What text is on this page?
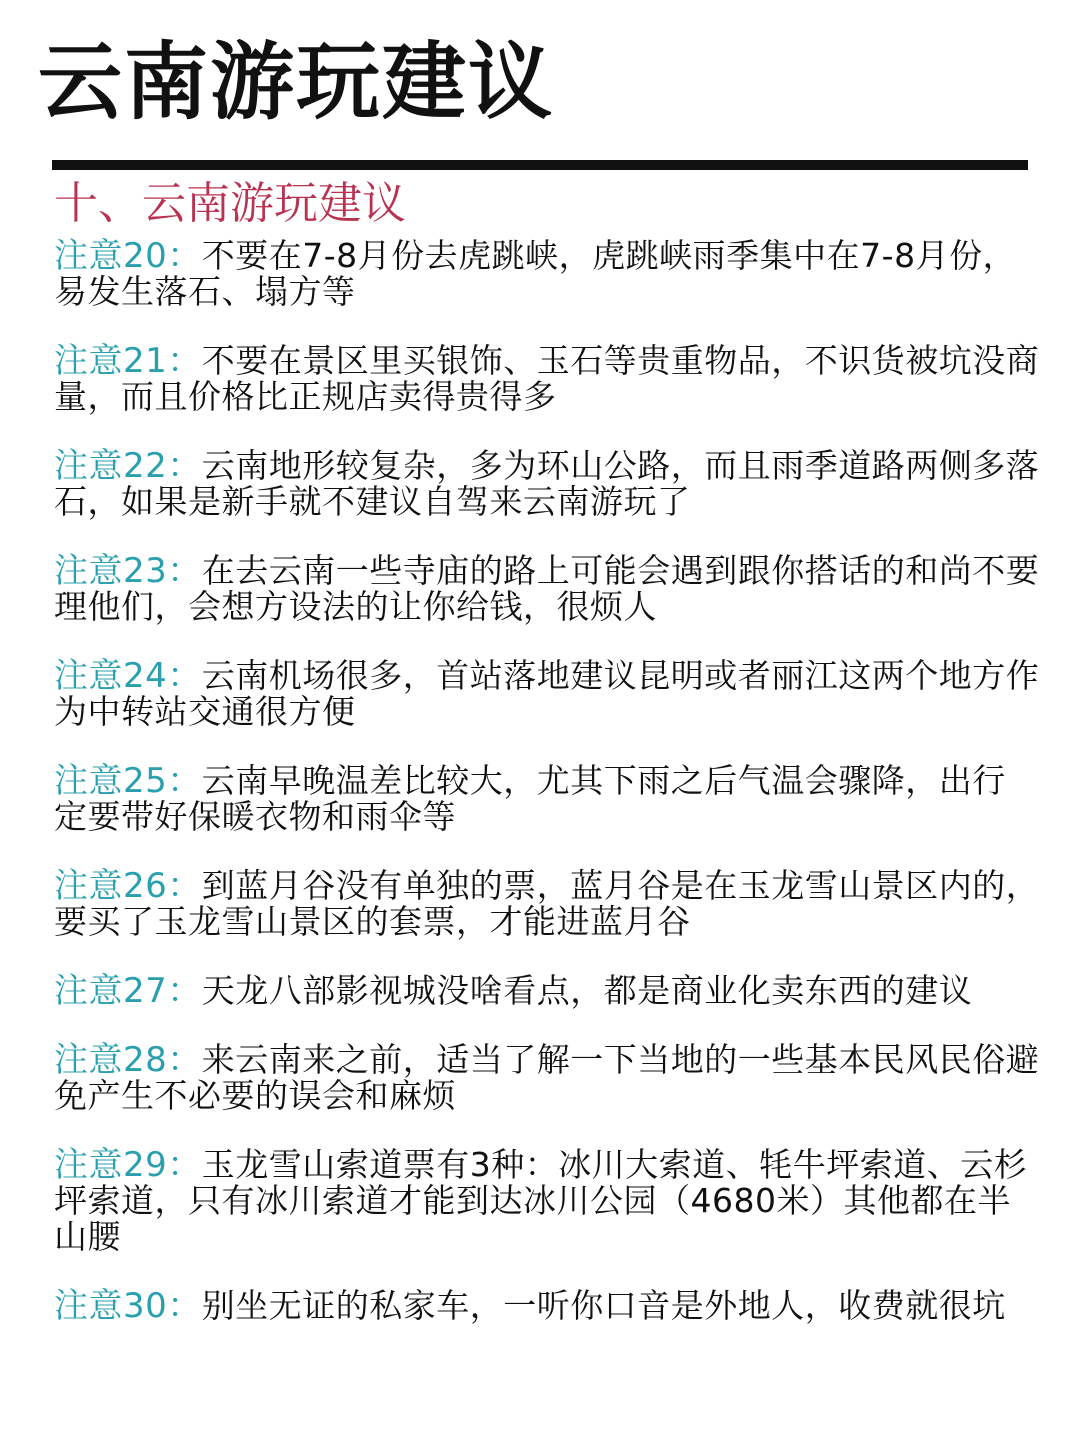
云南游玩建议
十、云南游玩建议

注意20：不要在7-8月份去虎跳峡，虎跳峡雨季集中在7-8月份，易发生落石、塌方等

注意21：不要在景区里买银饰、玉石等贵重物品，不识货被坑没商量，而且价格比正规店卖得贵得多

注意22：云南地形较复杂，多为环山公路，而且雨季道路两侧多落石，如果是新手就不建议自驾来云南游玩了

注意23：在去云南一些寺庙的路上可能会遇到跟你搭话的和尚不要理他们，会想方设法的让你给钱，很烦人

注意24：云南机场很多，首站落地建议昆明或者丽江这两个地方作为中转站交通很方便

注意25：云南早晚温差比较大，尤其下雨之后气温会骤降，出行
定要带好保暖衣物和雨伞等

注意26：到蓝月谷没有单独的票，蓝月谷是在玉龙雪山景区内的，要买了玉龙雪山景区的套票，才能进蓝月谷

注意27：天龙八部影视城没啥看点，都是商业化卖东西的建议

注意28：来云南来之前，适当了解一下当地的一些基本民风民俗避免产生不必要的误会和麻烦

注意29：玉龙雪山索道票有3种：冰川大索道、牦牛坪索道、云杉坪索道，只有冰川索道才能到达冰川公园（4680米）其他都在半山腰

注意30：别坐无证的私家车，一听你口音是外地人，收费就很坑
